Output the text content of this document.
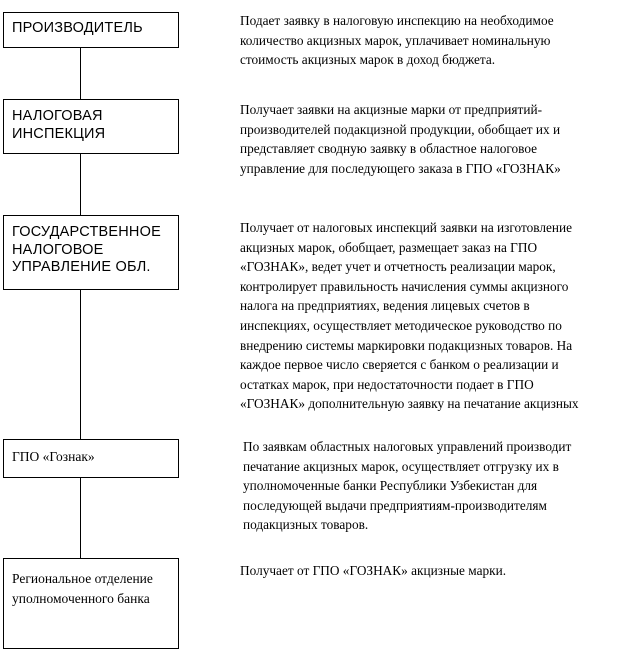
ПРОИЗВОДИТЕЛЬ	Подает заявку в налоговую инспекцию на необходимое
количество акцизных марок, уплачивает номинальную
стоимость акцизных марок в доход бюджета.
НАЛОГОВАЯ
ИНСПЕКЦИЯ
Получает заявки на акцизные марки от предприятий-
производителей подакцизной продукции, обобщает их и
представляет сводную заявку в областное налоговое
управление для последующего заказа в ГПО «ГОЗНАК»
ГОСУДАРСТВЕННОЕ
НАЛОГОВОЕ
УПРАВЛЕНИЕ ОБЛ.
Получает от налоговых инспекций заявки на изготовление
акцизных марок, обобщает, размещает заказ на ГПО
«ГОЗНАК», ведет учет и отчетность реализации марок,
контролирует правильность начисления суммы акцизного
налога на предприятиях, ведения лицевых счетов в
инспекциях, осуществляет методическое руководство по
внедрению системы маркировки подакцизных товаров. На
каждое первое число сверяется с банком о реализации и
остатках марок, при недостаточности подает в ГПО
«ГОЗНАК» дополнительную заявку на печатание акцизных
ГПО «Гознак»
По заявкам областных налоговых управлений производит
печатание акцизных марок, осуществляет отгрузку их в
уполномоченные банки Республики Узбекистан для
последующей выдачи предприятиям-производителям
подакцизных товаров.
Региональное отделение
уполномоченного банка
Получает от ГПО «ГОЗНАК» акцизные марки.
